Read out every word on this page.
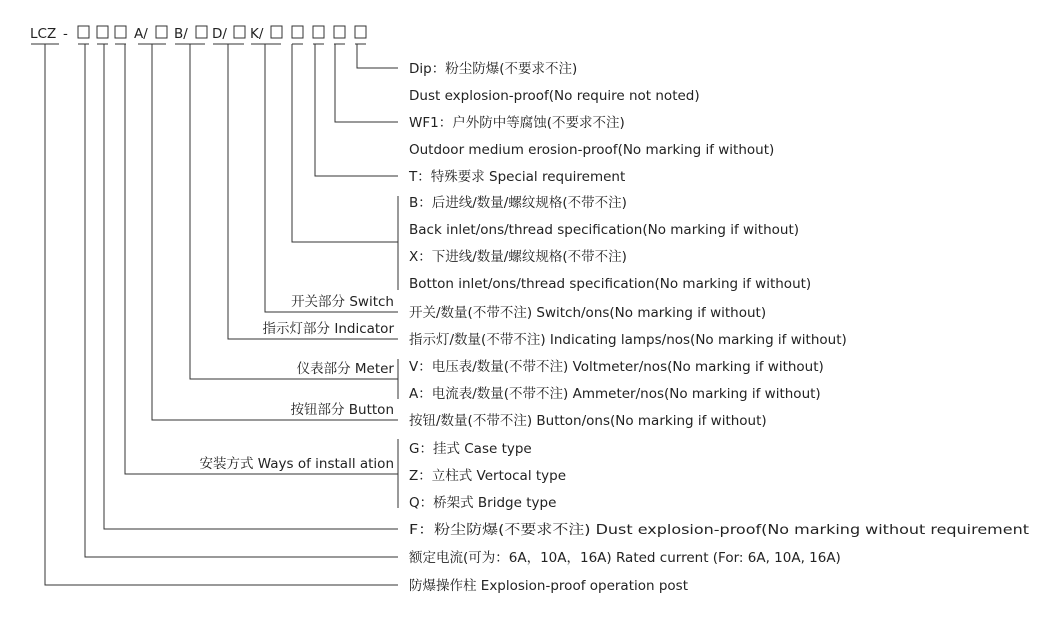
LCZ -	A/ B/ D/ K/
开关部分 Switch
指示灯部分 Indicator
仪表部分 Meter
按钮部分 Button
安装方式 Ways of install ation
Dip：粉尘防爆(不要求不注)
Dust explosion-proof(No require not noted)
WF1：户外防中等腐蚀(不要求不注)
Outdoor medium erosion-proof(No marking if without)
T：特殊要求 Special requirement
B：后进线/数量/螺纹规格(不带不注)
Back inlet/ons/thread specification(No marking if without)
X：下进线/数量/螺纹规格(不带不注)
Botton inlet/ons/thread specification(No marking if without)
开关/数量(不带不注) Switch/ons(No marking if without)
指示灯/数量(不带不注) Indicating lamps/nos(No marking if without)
V：电压表/数量(不带不注) Voltmeter/nos(No marking if without)
A：电流表/数量(不带不注) Ammeter/nos(No marking if without)
按钮/数量(不带不注) Button/ons(No marking if without)
G：挂式 Case type
Z：立柱式 Vertocal type
Q：桥架式 Bridge type
F：粉尘防爆(不要求不注) Dust explosion-proof(No marking without requirement
额定电流(可为：6A，10A，16A) Rated current (For: 6A, 10A, 16A)
防爆操作柱 Explosion-proof operation post
